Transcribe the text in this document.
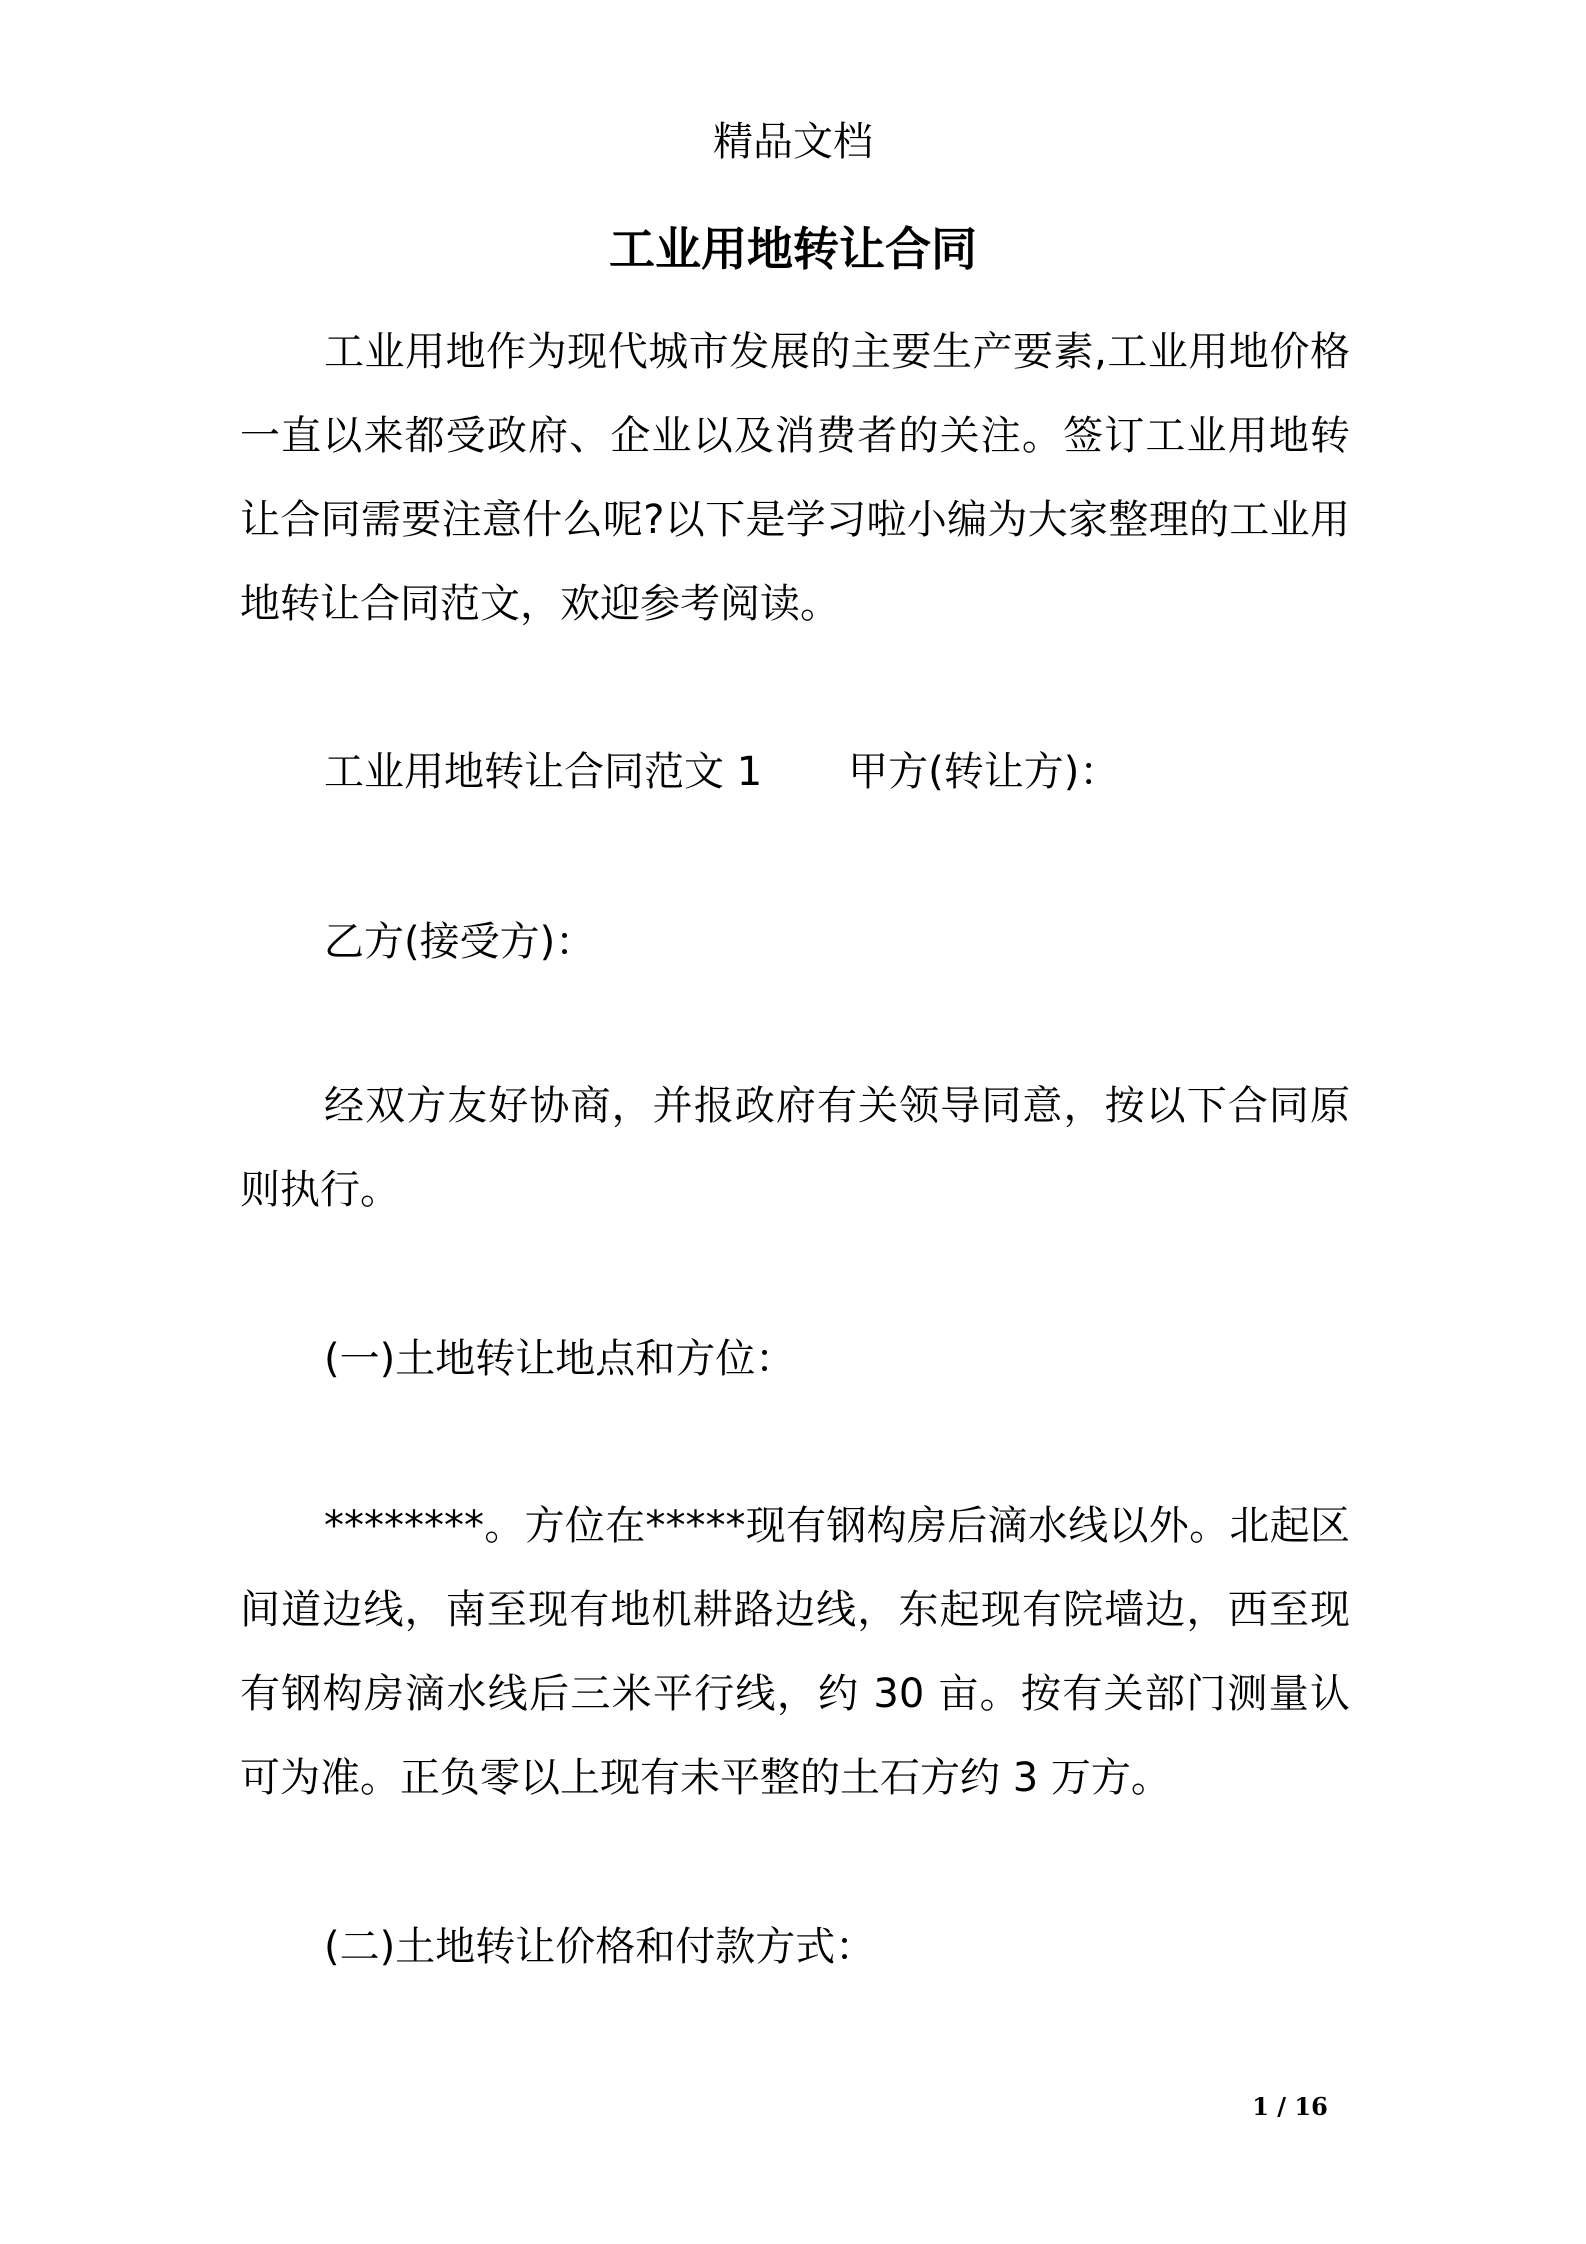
精品文档
工业用地转让合同

工业用地作为现代城市发展的主要生产要素,工业用地价格一直以来都受政府、企业以及消费者的关注。签订工业用地转让合同需要注意什么呢?以下是学习啦小编为大家整理的工业用地转让合同范文，欢迎参考阅读。

工业用地转让合同范文 1 甲方(转让方)：

乙方(接受方)：

经双方友好协商，并报政府有关领导同意，按以下合同原则执行。

(一)土地转让地点和方位：

********。方位在*****现有钢构房后滴水线以外。北起区间道边线，南至现有地机耕路边线，东起现有院墙边，西至现有钢构房滴水线后三米平行线，约 30 亩。按有关部门测量认可为准。正负零以上现有未平整的土石方约 3 万方。

(二)土地转让价格和付款方式：

1 / 16
